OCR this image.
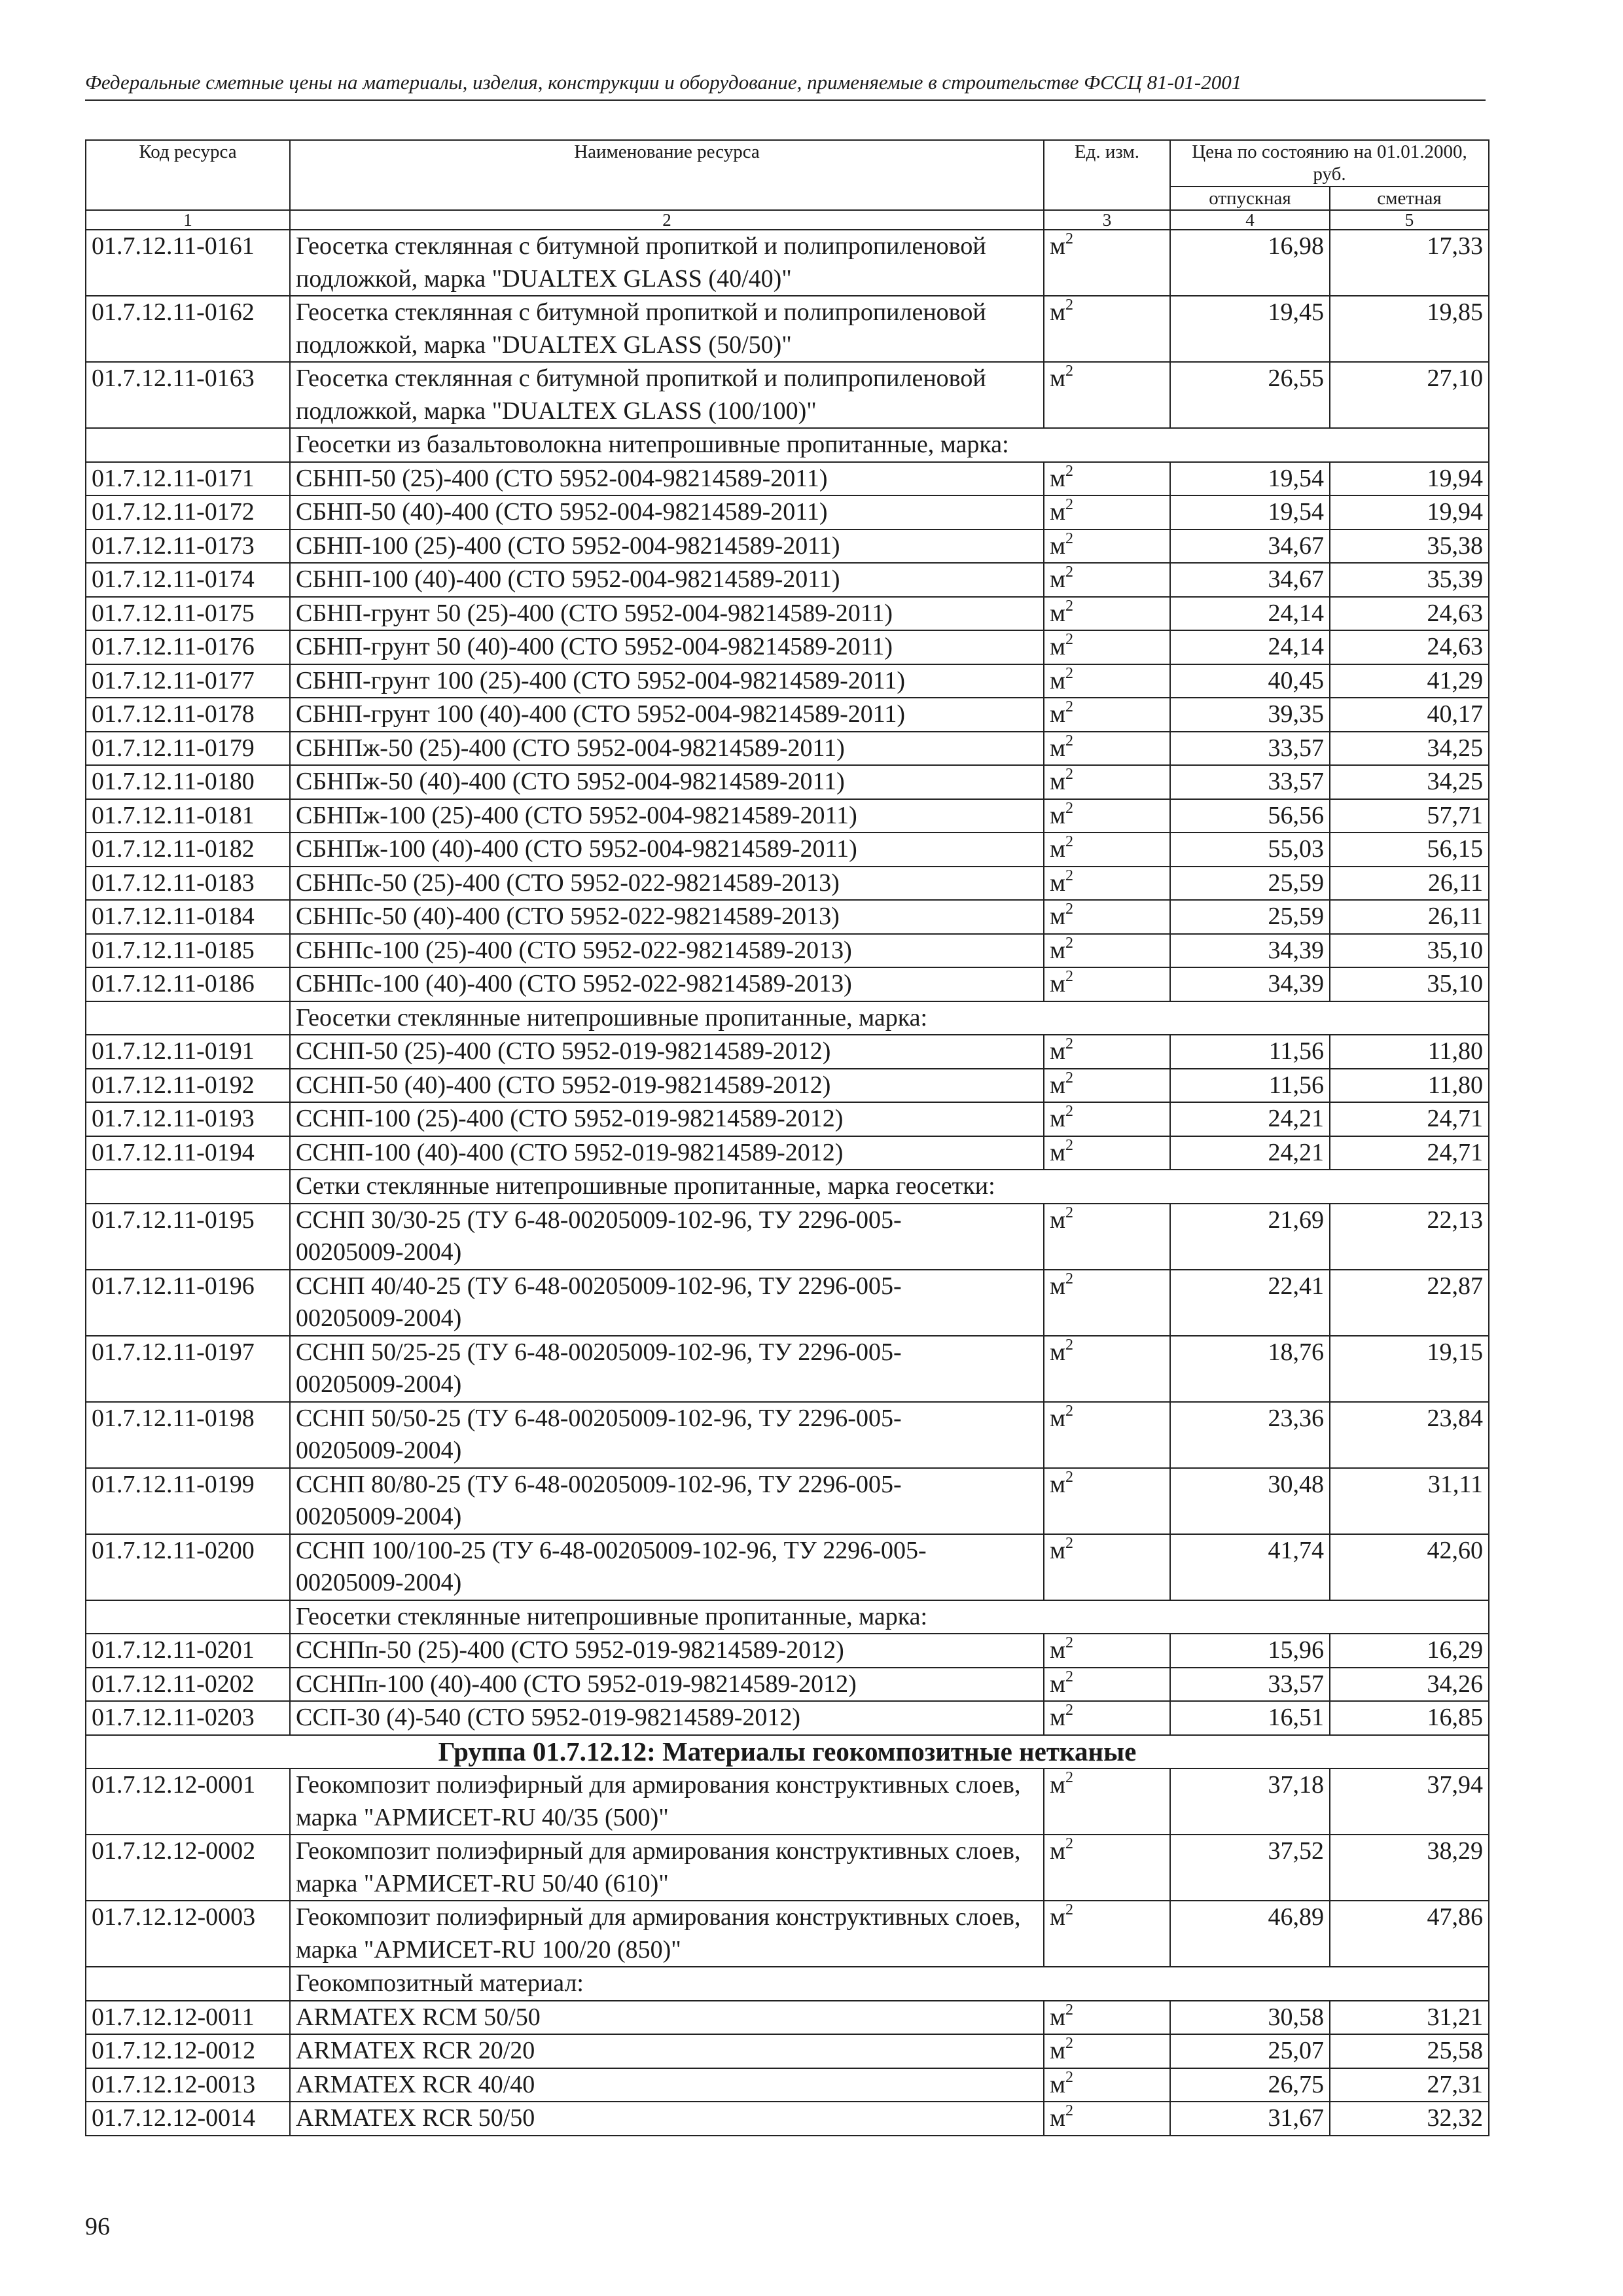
Федеральные сметные цены на материалы, изделия, конструкции и оборудование, применяемые в строительстве ФССЦ 81-01-2001
Код ресурса	Наименование ресурса	Ед. изм.	Цена по состоянию на 01.01.2000, руб.	
			отпускная	сметная
1	2	3	4	5
01.7.12.11-0161	Геосетка стеклянная с битумной пропиткой и полипропиленовой подложкой, марка "DUALTEX GLASS (40/40)"	$м^2$	16,98	17,33
01.7.12.11-0162	Геосетка стеклянная с битумной пропиткой и полипропиленовой подложкой, марка "DUALTEX GLASS (50/50)"	$м^2$	19,45	19,85
01.7.12.11-0163	Геосетка стеклянная с битумной пропиткой и полипропиленовой подложкой, марка "DUALTEX GLASS (100/100)"	$м^2$	26,55	27,10
	Геосетки из базальтоволокна нитепрошивные пропитанные, марка:			
01.7.12.11-0171	СБНП-50 (25)-400 (СТО 5952-004-98214589-2011)	$м^2$	19,54	19,94
01.7.12.11-0172	СБНП-50 (40)-400 (СТО 5952-004-98214589-2011)	$м^2$	19,54	19,94
01.7.12.11-0173	СБНП-100 (25)-400 (СТО 5952-004-98214589-2011)	$м^2$	34,67	35,38
01.7.12.11-0174	СБНП-100 (40)-400 (СТО 5952-004-98214589-2011)	$м^2$	34,67	35,39
01.7.12.11-0175	СБНП-грунт 50 (25)-400 (СТО 5952-004-98214589-2011)	$м^2$	24,14	24,63
01.7.12.11-0176	СБНП-грунт 50 (40)-400 (СТО 5952-004-98214589-2011)	$м^2$	24,14	24,63
01.7.12.11-0177	СБНП-грунт 100 (25)-400 (СТО 5952-004-98214589-2011)	$м^2$	40,45	41,29
01.7.12.11-0178	СБНП-грунт 100 (40)-400 (СТО 5952-004-98214589-2011)	$м^2$	39,35	40,17
01.7.12.11-0179	СБНПж-50 (25)-400 (СТО 5952-004-98214589-2011)	$м^2$	33,57	34,25
01.7.12.11-0180	СБНПж-50 (40)-400 (СТО 5952-004-98214589-2011)	$м^2$	33,57	34,25
01.7.12.11-0181	СБНПж-100 (25)-400 (СТО 5952-004-98214589-2011)	$м^2$	56,56	57,71
01.7.12.11-0182	СБНПж-100 (40)-400 (СТО 5952-004-98214589-2011)	$м^2$	55,03	56,15
01.7.12.11-0183	СБНПс-50 (25)-400 (СТО 5952-022-98214589-2013)	$м^2$	25,59	26,11
01.7.12.11-0184	СБНПс-50 (40)-400 (СТО 5952-022-98214589-2013)	$м^2$	25,59	26,11
01.7.12.11-0185	СБНПс-100 (25)-400 (СТО 5952-022-98214589-2013)	$м^2$	34,39	35,10
01.7.12.11-0186	СБНПс-100 (40)-400 (СТО 5952-022-98214589-2013)	$м^2$	34,39	35,10
	Геосетки стеклянные нитепрошивные пропитанные, марка:			
01.7.12.11-0191	ССНП-50 (25)-400 (СТО 5952-019-98214589-2012)	$м^2$	11,56	11,80
01.7.12.11-0192	ССНП-50 (40)-400 (СТО 5952-019-98214589-2012)	$м^2$	11,56	11,80
01.7.12.11-0193	ССНП-100 (25)-400 (СТО 5952-019-98214589-2012)	$м^2$	24,21	24,71
01.7.12.11-0194	ССНП-100 (40)-400 (СТО 5952-019-98214589-2012)	$м^2$	24,21	24,71
	Сетки стеклянные нитепрошивные пропитанные, марка геосетки:			
01.7.12.11-0195	ССНП 30/30-25 (ТУ 6-48-00205009-102-96, ТУ 2296-005-
00205009-2004)	$м^2$	21,69	22,13
01.7.12.11-0196	ССНП 40/40-25 (ТУ 6-48-00205009-102-96, ТУ 2296-005-
00205009-2004)	$м^2$	22,41	22,87
01.7.12.11-0197	ССНП 50/25-25 (ТУ 6-48-00205009-102-96, ТУ 2296-005-
00205009-2004)	$м^2$	18,76	19,15
01.7.12.11-0198	ССНП 50/50-25 (ТУ 6-48-00205009-102-96, ТУ 2296-005-
00205009-2004)	$м^2$	23,36	23,84
01.7.12.11-0199	ССНП 80/80-25 (ТУ 6-48-00205009-102-96, ТУ 2296-005-
00205009-2004)	$м^2$	30,48	31,11
01.7.12.11-0200	ССНП 100/100-25 (ТУ 6-48-00205009-102-96, ТУ 2296-005-
00205009-2004)	$м^2$	41,74	42,60
	Геосетки стеклянные нитепрошивные пропитанные, марка:			
01.7.12.11-0201	ССНПп-50 (25)-400 (СТО 5952-019-98214589-2012)	$м^2$	15,96	16,29
01.7.12.11-0202	ССНПп-100 (40)-400 (СТО 5952-019-98214589-2012)	$м^2$	33,57	34,26
01.7.12.11-0203	ССП-30 (4)-540 (СТО 5952-019-98214589-2012)	$м^2$	16,51	16,85
Группа 01.7.12.12: Материалы геокомпозитные нетканые				
01.7.12.12-0001	Геокомпозит полиэфирный для армирования конструктивных слоев, марка "АРМИСЕТ-RU 40/35 (500)"	$м^2$	37,18	37,94
01.7.12.12-0002	Геокомпозит полиэфирный для армирования конструктивных слоев, марка "АРМИСЕТ-RU 50/40 (610)"	$м^2$	37,52	38,29
01.7.12.12-0003	Геокомпозит полиэфирный для армирования конструктивных слоев, марка "АРМИСЕТ-RU 100/20 (850)"	$м^2$	46,89	47,86
	Геокомпозитный материал:			
01.7.12.12-0011	ARMATEX RCM 50/50	$м^2$	30,58	31,21
01.7.12.12-0012	ARMATEX RCR 20/20	$м^2$	25,07	25,58
01.7.12.12-0013	ARMATEX RCR 40/40	$м^2$	26,75	27,31
01.7.12.12-0014	ARMATEX RCR 50/50	$м^2$	31,67	32,32
96
